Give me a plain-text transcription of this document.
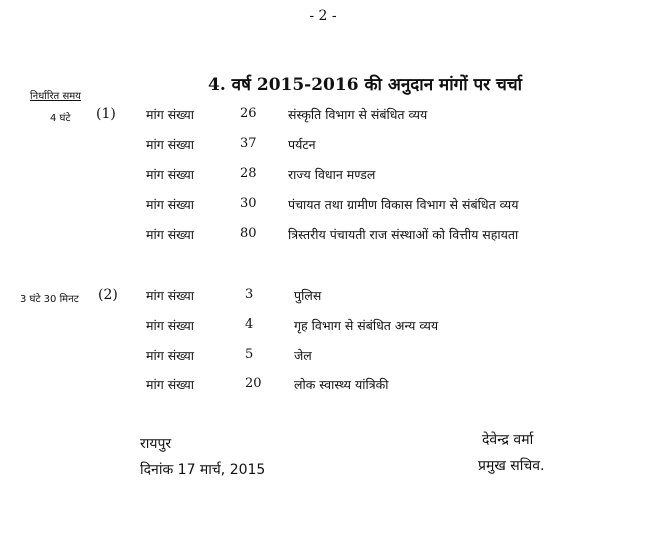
- 2 -
4. वर्ष 2015-2016 की अनुदान मांगों पर चर्चा
निर्धारित समय
4 घंटे (1) मांग संख्या	26	संस्कृति विभाग से संबंधित व्यय
मांग संख्या	37	पर्यटन
मांग संख्या	28	राज्य विधान मण्डल
मांग संख्या	30	पंचायत तथा ग्रामीण विकास विभाग से संबंधित व्यय
मांग संख्या	80	त्रिस्तरीय पंचायती राज संस्थाओं को वित्तीय सहायता
3 घंटे 30 मिनट (2) मांग संख्या	3	पुलिस
मांग संख्या	4	गृह विभाग से संबंधित अन्य व्यय
मांग संख्या	5	जेल
मांग संख्या	20	लोक स्वास्थ्य यांत्रिकी
रायपुर
दिनांक 17 मार्च, 2015
देवेन्द्र वर्मा
प्रमुख सचिव.
